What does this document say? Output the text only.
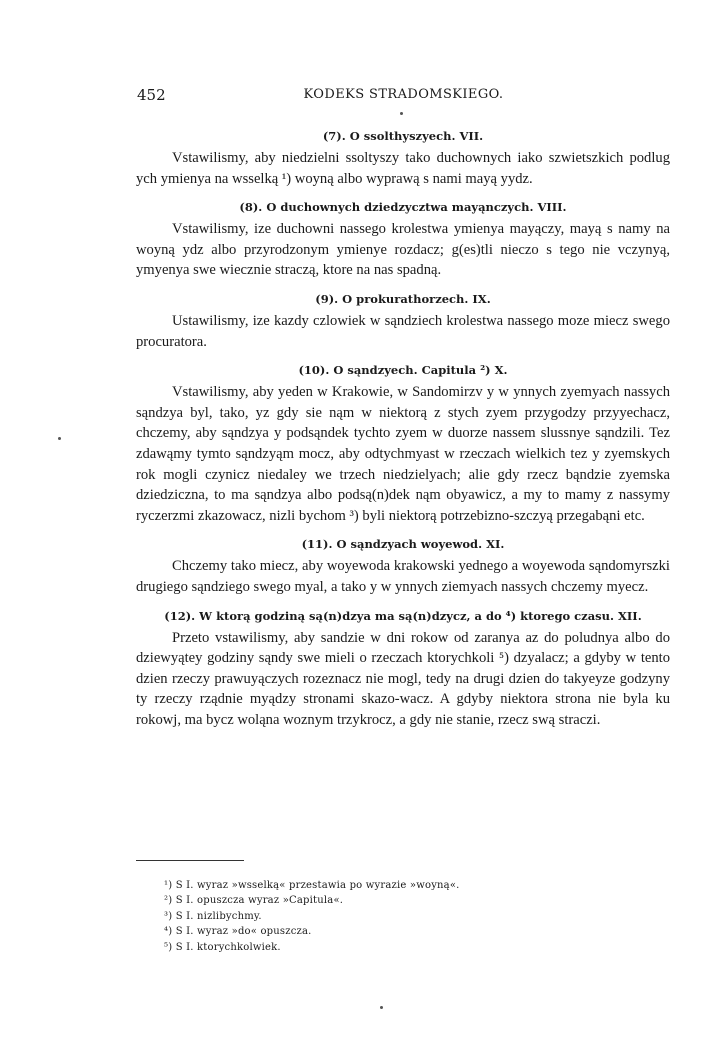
452	KODEKS STRADOMSKIEGO.

(7). O ssolthyszyech. VII.

Vstawilismy, aby niedzielni ssoltyszy tako duchownych iako szwietszkich podlug ych ymienya na wsselką ¹) woyną albo wyprawą s nami mayą yydz.

(8). O duchownych dziedzycztwa mayąnczych. VIII.

Vstawilismy, ize duchowni nassego krolestwa ymienya mayączy, mayą s namy na woyną ydz albo przyrodzonym ymienye rozdacz; g(es)tli nieczo s tego nie vczynyą, ymyenya swe wiecznie straczą, ktore na nas spadną.

(9). O prokurathorzech. IX.

Ustawilismy, ize kazdy czlowiek w sąndziech krolestwa nassego moze miecz swego procuratora.

(10). O sąndzyech. Capitula ²) X.

Vstawilismy, aby yeden w Krakowie, w Sandomirzv y w ynnych zyemyach nassych sąndzya byl, tako, yz gdy sie nąm w niektorą z stych zyem przygodzy przyyechacz, chczemy, aby sąndzya y podsąndek tychto zyem w duorze nassem slussnye sąndzili. Tez zdawąmy tymto sąndzyąm mocz, aby odtychmyast w rzeczach wielkich tez y zyemskych rok mogli czynicz niedaley we trzech niedzielyach; alie gdy rzecz bąndzie zyemska dziedziczna, to ma sąndzya albo podsą(n)dek nąm obyawicz, a my to mamy z nassymy ryczerzmi zkazowacz, nizli bychom ³) byli niektorą potrzebizno-szczyą przegabąni etc.

(11). O sąndzyach woyewod. XI.

Chczemy tako miecz, aby woyewoda krakowski yednego a woyewoda sąndomyrszki drugiego sąndziego swego myal, a tako y w ynnych ziemyach nassych chczemy myecz.

(12). W ktorą godziną są(n)dzya ma są(n)dzycz, a do ⁴) ktorego czasu. XII.

Przeto vstawilismy, aby sandzie w dni rokow od zaranya az do poludnya albo do dziewyątey godziny sąndy swe mieli o rzeczach ktorychkoli ⁵) dzyalacz; a gdyby w tento dzien rzeczy prawuyączych rozeznacz nie mogl, tedy na drugi dzien do takyeyze godzyny ty rzeczy rządnie myądzy stronami skazo-wacz. A gdyby niektora strona nie byla ku rokowj, ma bycz woląna woznym trzykrocz, a gdy nie stanie, rzecz swą straczi.

¹) S I. wyraz »wsselką« przestawia po wyrazie »woyną«.
²) S I. opuszcza wyraz »Capitula«.
³) S I. nizlibychmy.
⁴) S I. wyraz »do« opuszcza.
⁵) S I. ktorychkolwiek.
